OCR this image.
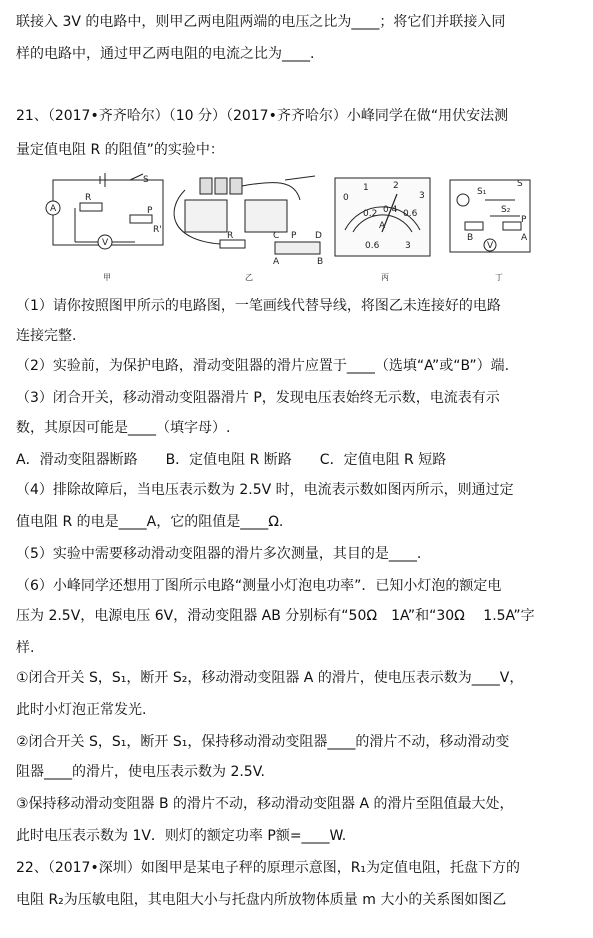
联接入 3V 的电路中，则甲乙两电阻两端的电压之比为____；将它们并联接入同
样的电路中，通过甲乙两电阻的电流之比为____.
21、（2017•齐齐哈尔）（10 分）（2017•齐齐哈尔）小峰同学在做“用伏安法测
量定值电阻 R 的阻值”的实验中：
（1）请你按照图甲所示的电路图，一笔画线代替导线，将图乙未连接好的电路
连接完整.
（2）实验前，为保护电路，滑动变阻器的滑片应置于____（选填“A”或“B”）端.
（3）闭合开关，移动滑动变阻器滑片 P，发现电压表始终无示数，电流表有示
数，其原因可能是____（填字母）.
A．滑动变阻器断路　　B．定值电阻 R 断路　　C．定值电阻 R 短路
（4）排除故障后，当电压表示数为 2.5V 时，电流表示数如图丙所示，则通过定
值电阻 R 的电是____A，它的阻值是____Ω.
（5）实验中需要移动滑动变阻器的滑片多次测量，其目的是____.
（6）小峰同学还想用丁图所示电路“测量小灯泡电功率”．已知小灯泡的额定电
压为 2.5V，电源电压 6V，滑动变阻器 AB 分别标有“50Ω　1A”和“30Ω　 1.5A”字
样.
①闭合开关 S，S₁，断开 S₂，移动滑动变阻器 A 的滑片，使电压表示数为____V，
此时小灯泡正常发光.
②闭合开关 S，S₁，断开 S₁，保持移动滑动变阻器____的滑片不动，移动滑动变
阻器____的滑片，使电压表示数为 2.5V.
③保持移动滑动变阻器 B 的滑片不动，移动滑动变阻器 A 的滑片至阻值最大处，
此时电压表示数为 1V．则灯的额定功率 P额=____W.
22、（2017•深圳）如图甲是某电子秤的原理示意图，R₁为定值电阻，托盘下方的
电阻 R₂为压敏电阻，其电阻大小与托盘内所放物体质量 m 大小的关系图如图乙
S
A
R
P
V
R'
甲
R	C P D
A	B
乙
0
1	2
3
0.2 0.4 0.6
A
0.6	3
丙
S₁
S
S₂
P
B	A
V
丁
